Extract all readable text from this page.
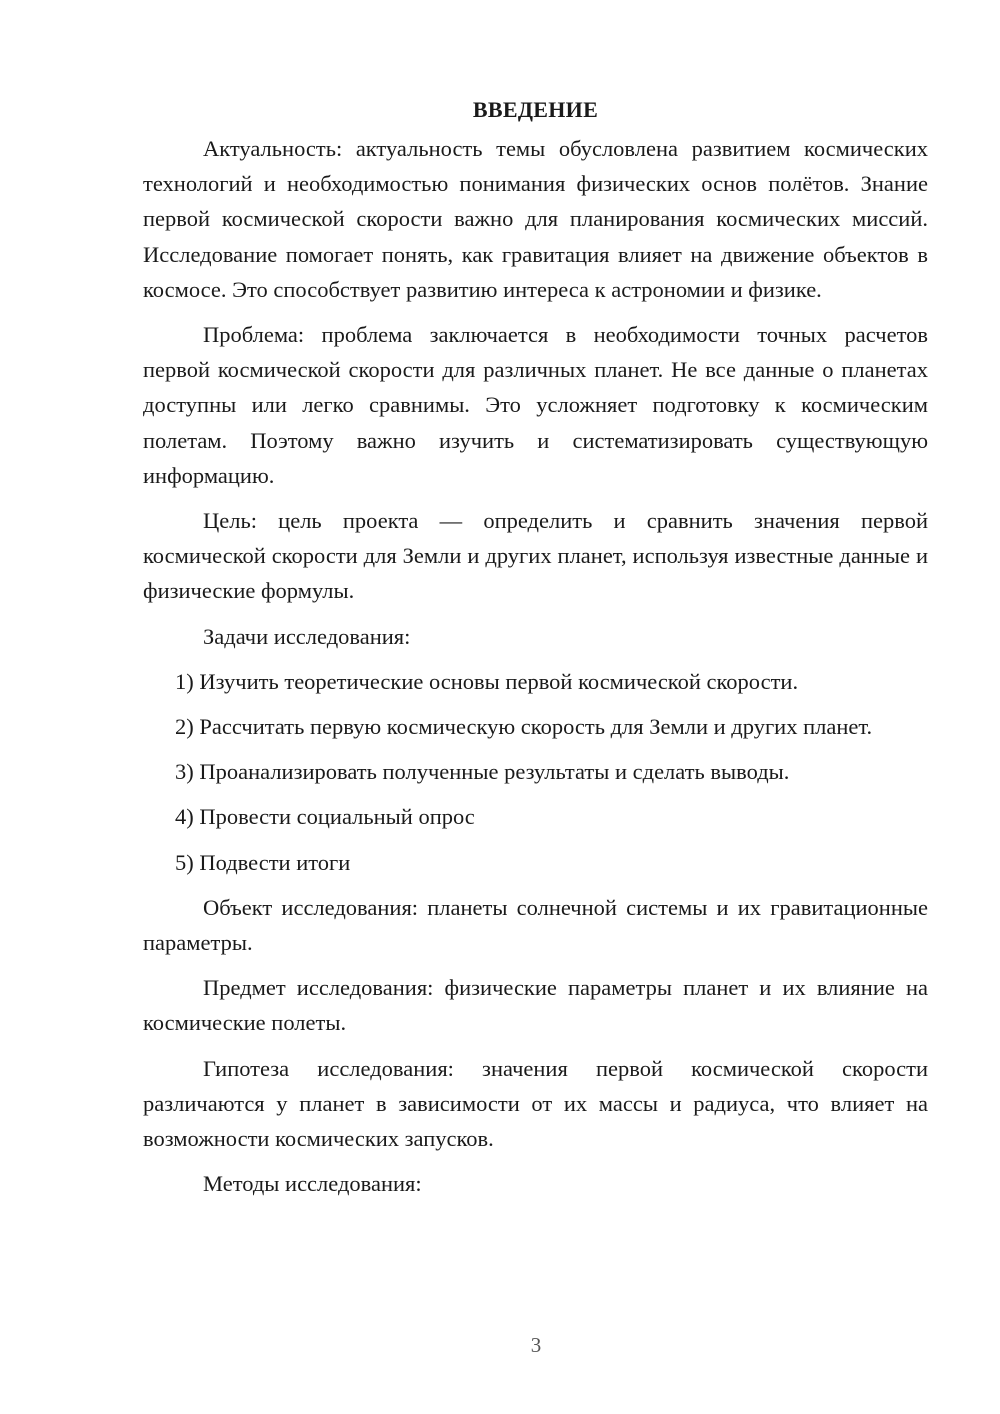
ВВЕДЕНИЕ

Актуальность: актуальность темы обусловлена развитием космических технологий и необходимостью понимания физических основ полётов. Знание первой космической скорости важно для планирования космических миссий. Исследование помогает понять, как гравитация влияет на движение объектов в космосе. Это способствует развитию интереса к астрономии и физике.

Проблема: проблема заключается в необходимости точных расчетов первой космической скорости для различных планет. Не все данные о планетах доступны или легко сравнимы. Это усложняет подготовку к космическим полетам. Поэтому важно изучить и систематизировать существующую информацию.

Цель: цель проекта — определить и сравнить значения первой космической скорости для Земли и других планет, используя известные данные и физические формулы.

Задачи исследования:

1) Изучить теоретические основы первой космической скорости.

2) Рассчитать первую космическую скорость для Земли и других планет.

3) Проанализировать полученные результаты и сделать выводы.

4) Провести социальный опрос

5) Подвести итоги

Объект исследования: планеты солнечной системы и их гравитационные параметры.

Предмет исследования: физические параметры планет и их влияние на космические полеты.

Гипотеза исследования: значения первой космической скорости различаются у планет в зависимости от их массы и радиуса, что влияет на возможности космических запусков.

Методы исследования:

3
